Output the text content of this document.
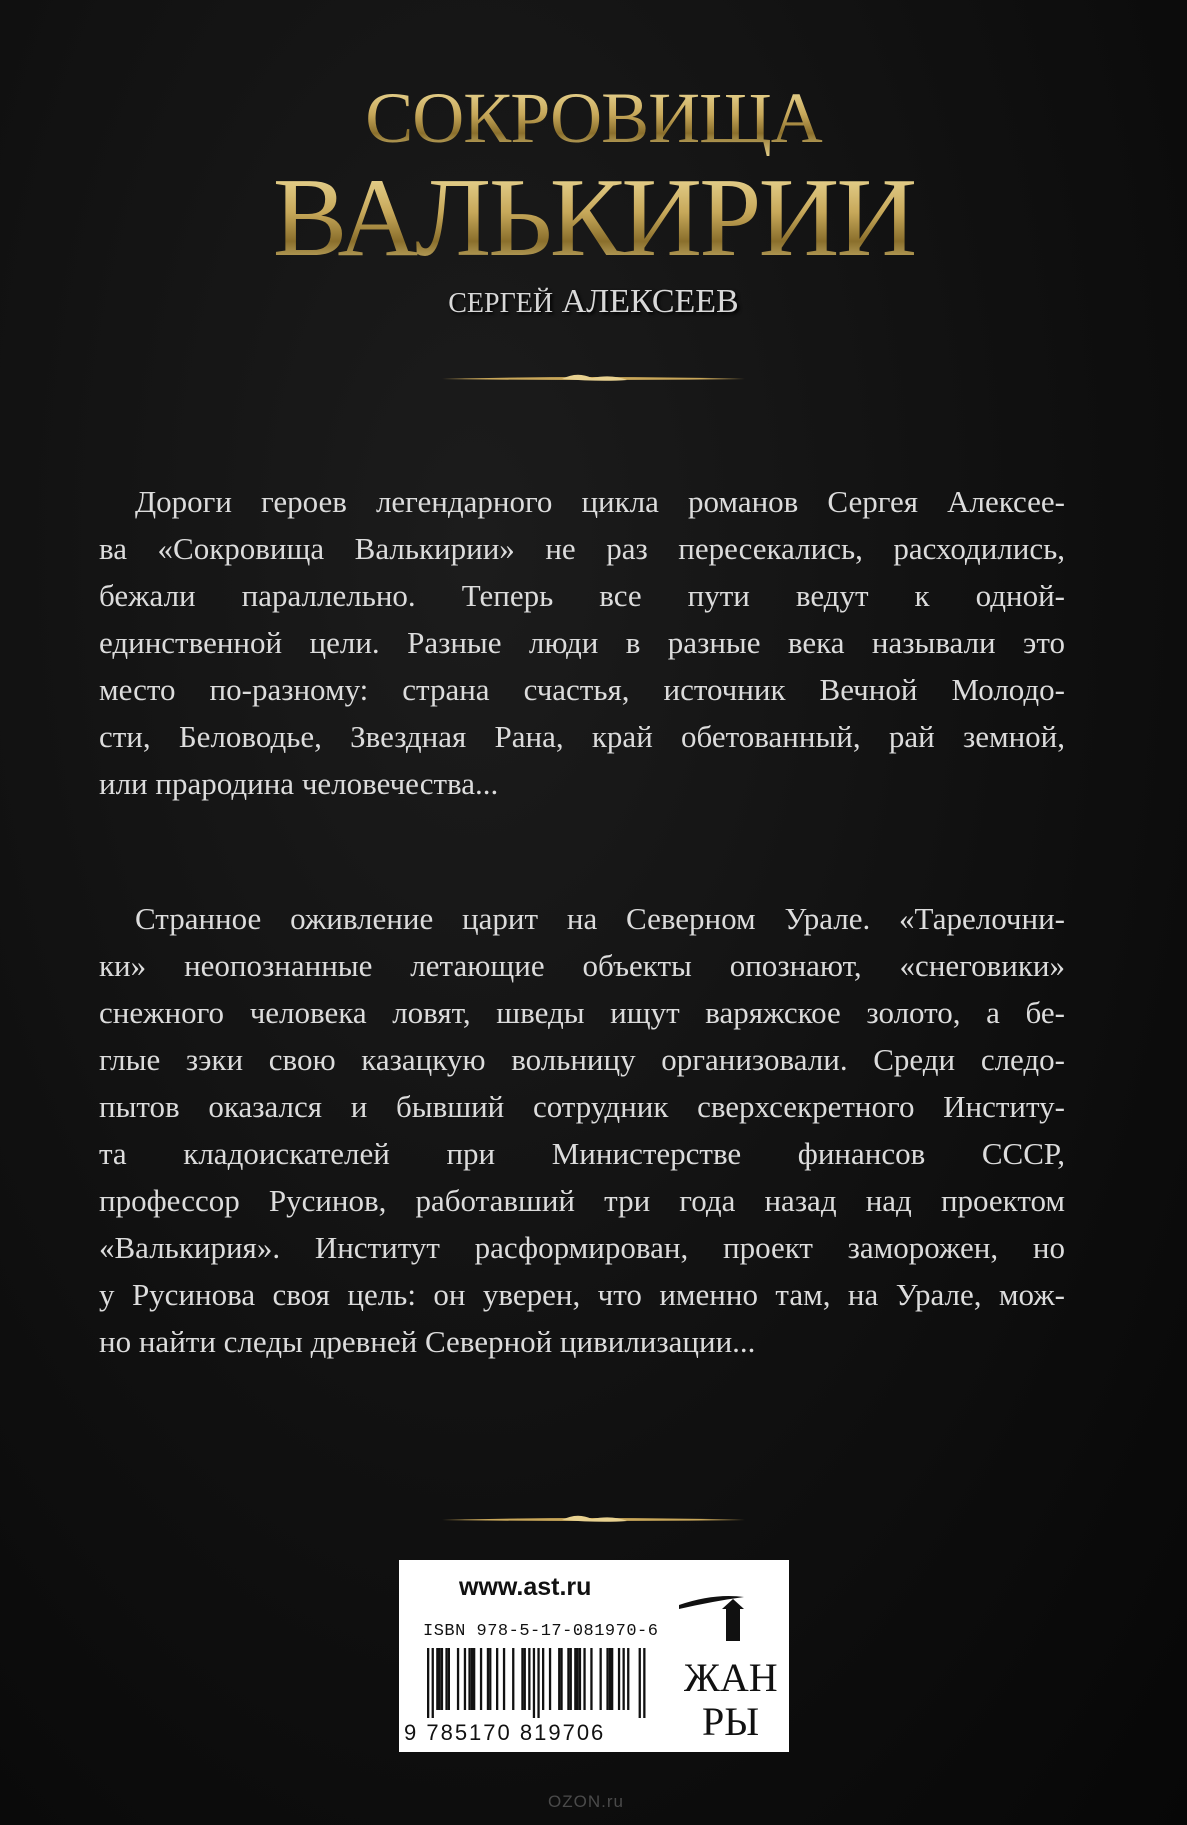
СОКРОВИЩА
ВАЛЬКИРИИ
СЕРГЕЙ АЛЕКСЕЕВ
Дороги героев легендарного цикла романов Сергея Алексее-
ва «Сокровища Валькирии» не раз пересекались, расходились,
бежали параллельно. Теперь все пути ведут к одной-
единственной цели. Разные люди в разные века называли это
место по-разному: страна счастья, источник Вечной Молодо-
сти, Беловодье, Звездная Рана, край обетованный, рай земной,
или прародина человечества...
Странное оживление царит на Северном Урале. «Тарелочни-
ки» неопознанные летающие объекты опознают, «снеговики»
снежного человека ловят, шведы ищут варяжское золото, а бе-
глые зэки свою казацкую вольницу организовали. Среди следо-
пытов оказался и бывший сотрудник сверхсекретного Институ-
та кладоискателей при Министерстве финансов СССР,
профессор Русинов, работавший три года назад над проектом
«Валькирия». Институт расформирован, проект заморожен, но
у Русинова своя цель: он уверен, что именно там, на Урале, мож-
но найти следы древней Северной цивилизации...
www.ast.ru
ISBN 978-5-17-081970-6
9 785170 819706
ЖАН
РЫ
OZON.ru
